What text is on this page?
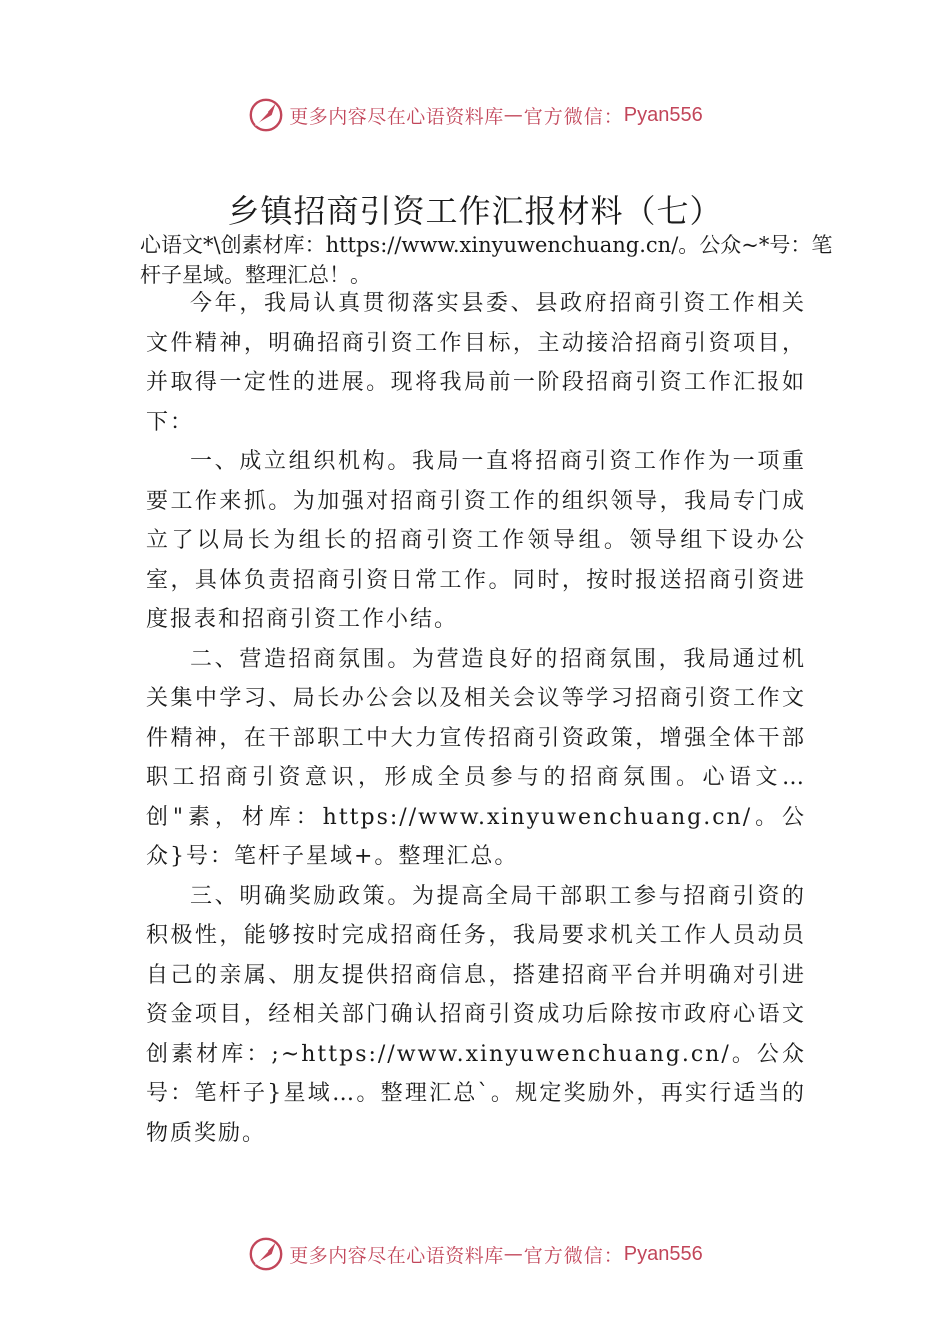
更多内容尽在心语资料库 — 官方微信： Pyan556
乡镇招商引资工作汇报材料（七）
心语文*\创素材库：https://www.xinyuwenchuang.cn/。公众~*号：笔杆子星域。整理汇总！。

今年，我局认真贯彻落实县委、县政府招商引资工作相关文件精神，明确招商引资工作目标，主动接洽招商引资项目，并取得一定性的进展。现将我局前一阶段招商引资工作汇报如下：

一、成立组织机构。我局一直将招商引资工作作为一项重要工作来抓。为加强对招商引资工作的组织领导，我局专门成立了以局长为组长的招商引资工作领导组。领导组下设办公室，具体负责招商引资日常工作。同时，按时报送招商引资进度报表和招商引资工作小结。

二、营造招商氛围。为营造良好的招商氛围，我局通过机关集中学习、局长办公会以及相关会议等学习招商引资工作文件精神，在干部职工中大力宣传招商引资政策，增强全体干部职工招商引资意识，形成全员参与的招商氛围。心语文…创"素，材库：https://www.xinyuwenchuang.cn/。公众}号：笔杆子星域+。整理汇总。

三、明确奖励政策。为提高全局干部职工参与招商引资的积极性，能够按时完成招商任务，我局要求机关工作人员动员自己的亲属、朋友提供招商信息，搭建招商平台并明确对引进资金项目，经相关部门确认招商引资成功后除按市政府心语文创素材库：;~https://www.xinyuwenchuang.cn/。公众号：笔杆子}星域…。整理汇总`。规定奖励外，再实行适当的物质奖励。

更多内容尽在心语资料库 — 官方微信： Pyan556
